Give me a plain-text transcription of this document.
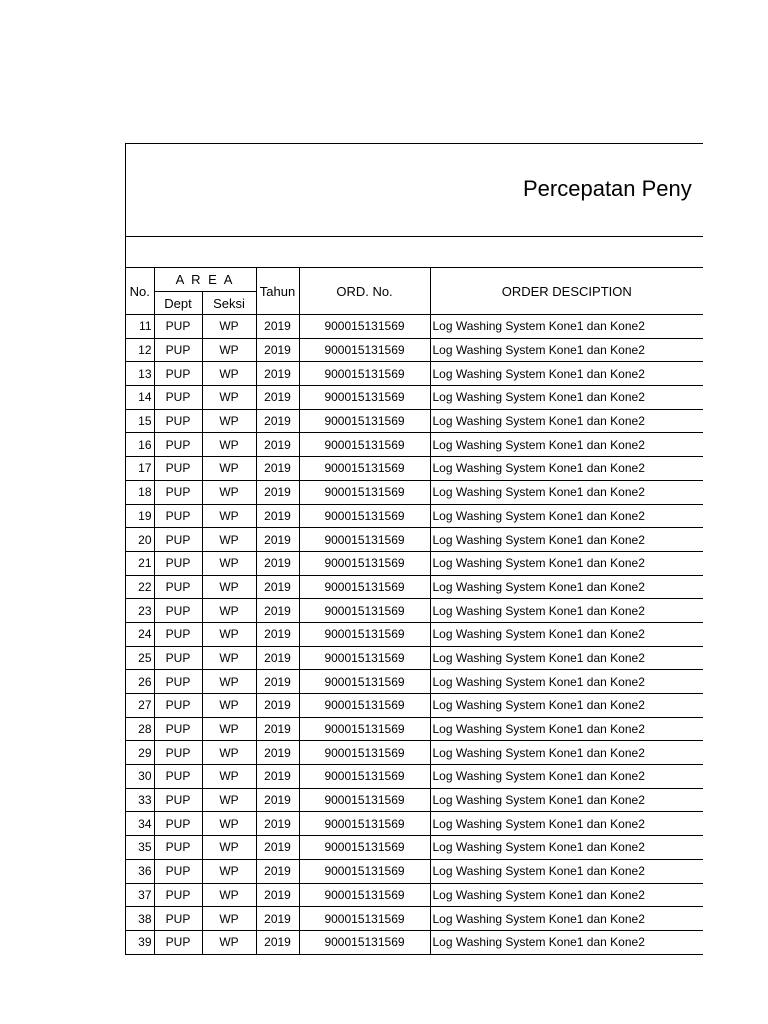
Percepatan Peny
No.	A R E A		Tahun	ORD. No.	ORDER DESCIPTION
	Dept	Seksi			
11	PUP	WP	2019	900015131569	Log Washing System Kone1 dan Kone2
12	PUP	WP	2019	900015131569	Log Washing System Kone1 dan Kone2
13	PUP	WP	2019	900015131569	Log Washing System Kone1 dan Kone2
14	PUP	WP	2019	900015131569	Log Washing System Kone1 dan Kone2
15	PUP	WP	2019	900015131569	Log Washing System Kone1 dan Kone2
16	PUP	WP	2019	900015131569	Log Washing System Kone1 dan Kone2
17	PUP	WP	2019	900015131569	Log Washing System Kone1 dan Kone2
18	PUP	WP	2019	900015131569	Log Washing System Kone1 dan Kone2
19	PUP	WP	2019	900015131569	Log Washing System Kone1 dan Kone2
20	PUP	WP	2019	900015131569	Log Washing System Kone1 dan Kone2
21	PUP	WP	2019	900015131569	Log Washing System Kone1 dan Kone2
22	PUP	WP	2019	900015131569	Log Washing System Kone1 dan Kone2
23	PUP	WP	2019	900015131569	Log Washing System Kone1 dan Kone2
24	PUP	WP	2019	900015131569	Log Washing System Kone1 dan Kone2
25	PUP	WP	2019	900015131569	Log Washing System Kone1 dan Kone2
26	PUP	WP	2019	900015131569	Log Washing System Kone1 dan Kone2
27	PUP	WP	2019	900015131569	Log Washing System Kone1 dan Kone2
28	PUP	WP	2019	900015131569	Log Washing System Kone1 dan Kone2
29	PUP	WP	2019	900015131569	Log Washing System Kone1 dan Kone2
30	PUP	WP	2019	900015131569	Log Washing System Kone1 dan Kone2
33	PUP	WP	2019	900015131569	Log Washing System Kone1 dan Kone2
34	PUP	WP	2019	900015131569	Log Washing System Kone1 dan Kone2
35	PUP	WP	2019	900015131569	Log Washing System Kone1 dan Kone2
36	PUP	WP	2019	900015131569	Log Washing System Kone1 dan Kone2
37	PUP	WP	2019	900015131569	Log Washing System Kone1 dan Kone2
38	PUP	WP	2019	900015131569	Log Washing System Kone1 dan Kone2
39	PUP	WP	2019	900015131569	Log Washing System Kone1 dan Kone2
